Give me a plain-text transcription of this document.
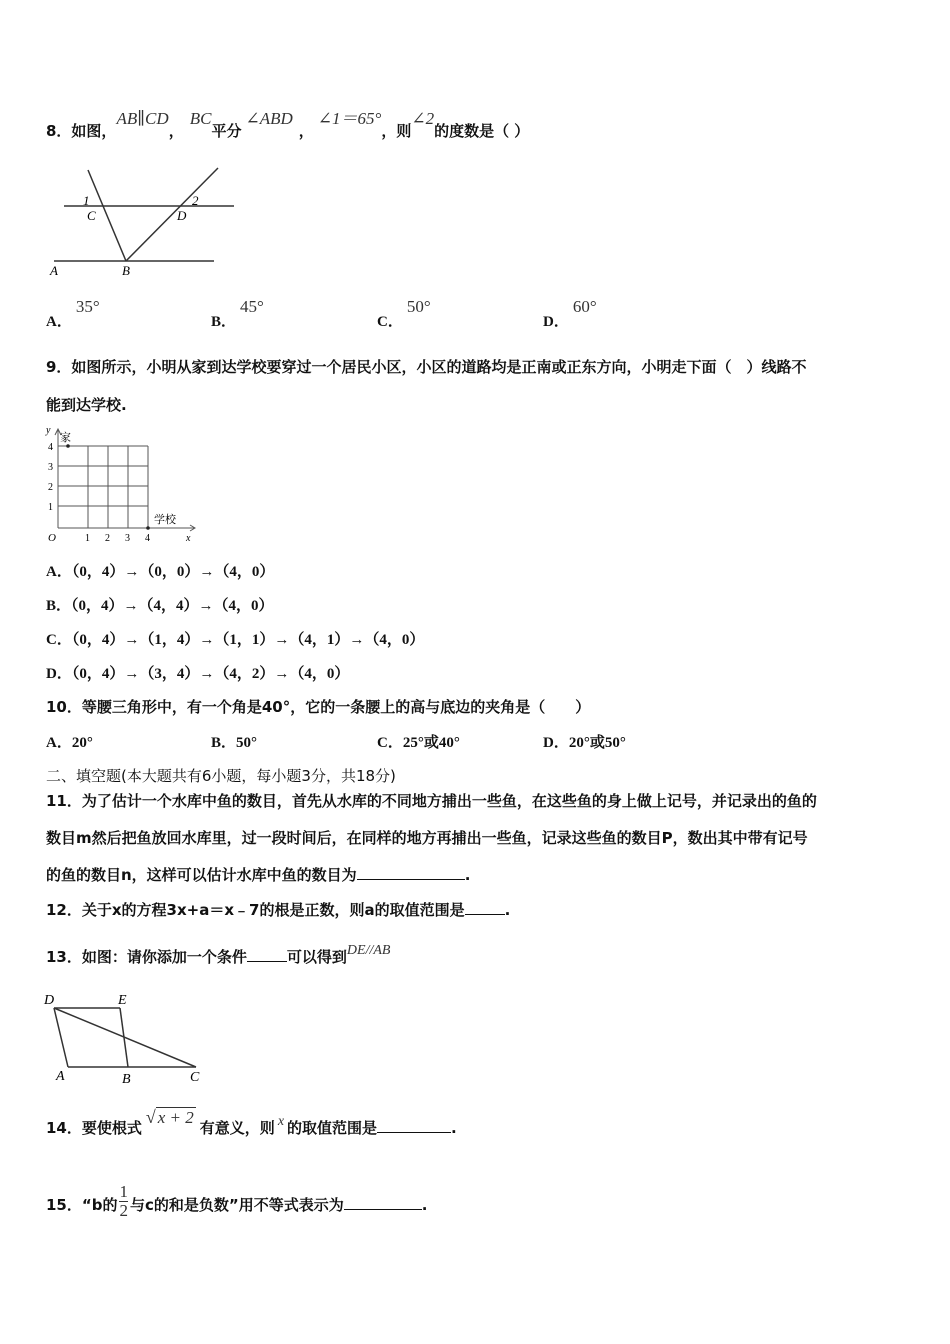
8．如图，AB∥CD，BC平分∠ABD，∠1＝65°，则∠2的度数是（ ）
1	2
C	D
A	B
A．35°
B．45°
C．50°
D．60°
9．如图所示，小明从家到达学校要穿过一个居民小区，小区的道路均是正南或正东方向，小明走下面（　）线路不
能到达学校.
y
家
学校
O	x
4
3
2
1
1 2 3 4
A．（0，4）→（0，0）→（4，0）
B．（0，4）→（4，4）→（4，0）
C．（0，4）→（1，4）→（1，1）→（4，1）→（4，0）
D．（0，4）→（3，4）→（4，2）→（4，0）
10．等腰三角形中，有一个角是40°，它的一条腰上的高与底边的夹角是（　　）
A．20°	B．50°	C．25°或40°	D．20°或50°
二、填空题(本大题共有6小题，每小题3分，共18分)
11．为了估计一个水库中鱼的数目，首先从水库的不同地方捕出一些鱼，在这些鱼的身上做上记号，并记录出的鱼的
数目m然后把鱼放回水库里，过一段时间后，在同样的地方再捕出一些鱼，记录这些鱼的数目P，数出其中带有记号
的鱼的数目n，这样可以估计水库中鱼的数目为	.
12．关于x的方程3x+a＝x﹣7的根是正数，则a的取值范围是	.
13．如图：请你添加一个条件	可以得到DE//AB
D	E
A	B	C
14．要使根式√ x + 2有意义，则 x 的取值范围是	.
15．“b的 $\frac{1}{2}$ 与c的和是负数”用不等式表示为	.
